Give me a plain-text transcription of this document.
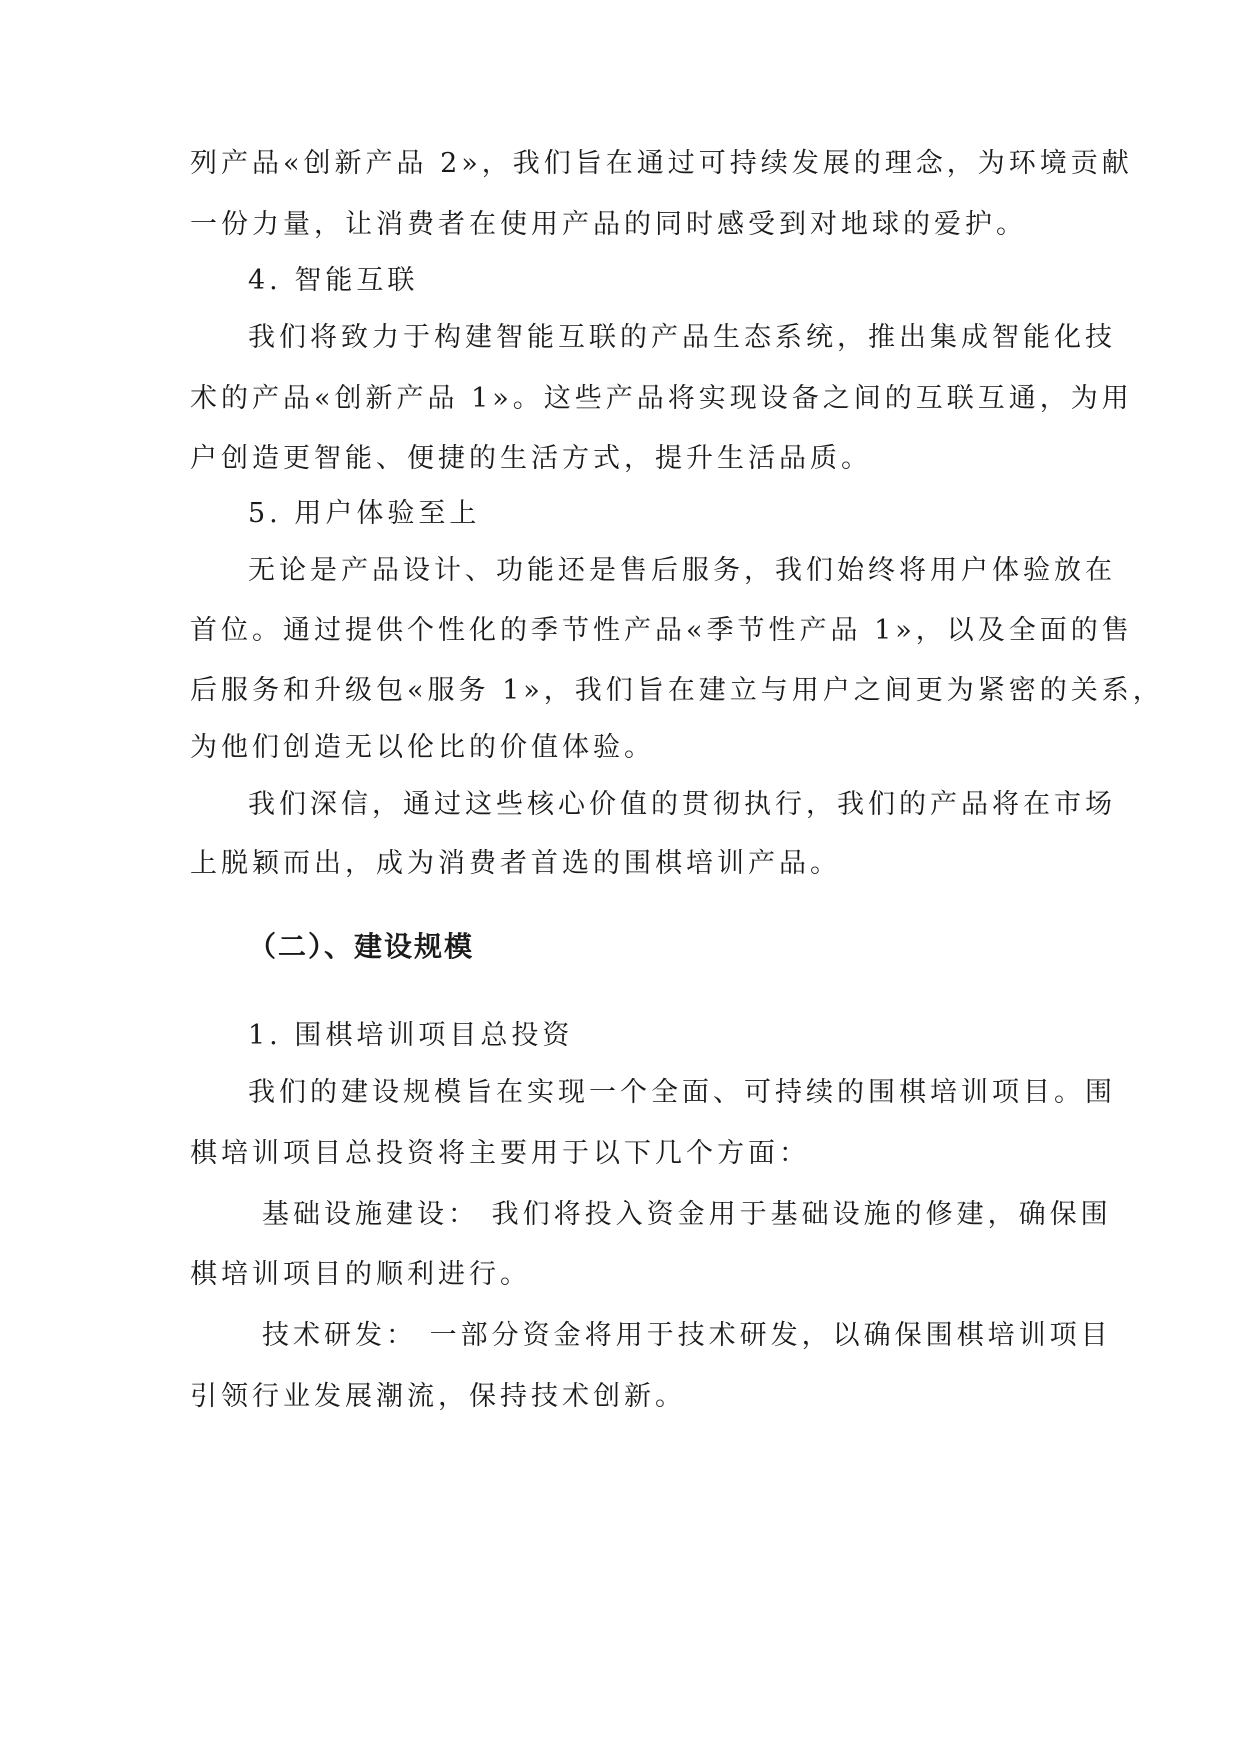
列产品«创新产品 2»，我们旨在通过可持续发展的理念，为环境贡献
一份力量，让消费者在使用产品的同时感受到对地球的爱护。
4. 智能互联
我们将致力于构建智能互联的产品生态系统，推出集成智能化技
术的产品«创新产品 1»。这些产品将实现设备之间的互联互通，为用
户创造更智能、便捷的生活方式，提升生活品质。
5. 用户体验至上
无论是产品设计、功能还是售后服务，我们始终将用户体验放在
首位。通过提供个性化的季节性产品«季节性产品 1»，以及全面的售
后服务和升级包«服务 1»，我们旨在建立与用户之间更为紧密的关系，
为他们创造无以伦比的价值体验。
我们深信，通过这些核心价值的贯彻执行，我们的产品将在市场
上脱颖而出，成为消费者首选的围棋培训产品。
（二）、建设规模
1. 围棋培训项目总投资
我们的建设规模旨在实现一个全面、可持续的围棋培训项目。围
棋培训项目总投资将主要用于以下几个方面：
基础设施建设： 我们将投入资金用于基础设施的修建，确保围
棋培训项目的顺利进行。
技术研发： 一部分资金将用于技术研发，以确保围棋培训项目
引领行业发展潮流，保持技术创新。
